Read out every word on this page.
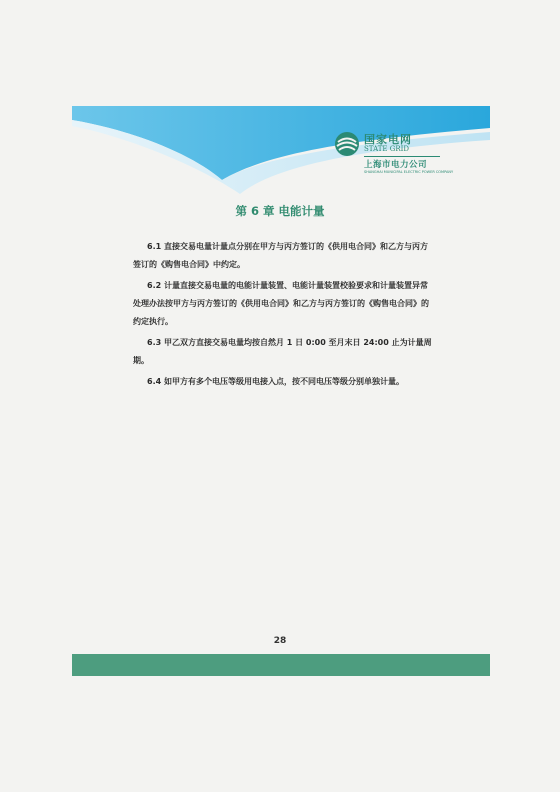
国家电网
STATE GRID
上海市电力公司
SHANGHAI MUNICIPAL ELECTRIC POWER COMPANY
第 6 章 电能计量

6.1 直接交易电量计量点分别在甲方与丙方签订的《供用电合同》和乙方与丙方签订的《购售电合同》中约定。

6.2 计量直接交易电量的电能计量装置、电能计量装置校验要求和计量装置异常处理办法按甲方与丙方签订的《供用电合同》和乙方与丙方签订的《购售电合同》的约定执行。

6.3 甲乙双方直接交易电量均按自然月 1 日 0:00 至月末日 24:00 止为计量周期。

6.4 如甲方有多个电压等级用电接入点，按不同电压等级分别单独计量。

28
